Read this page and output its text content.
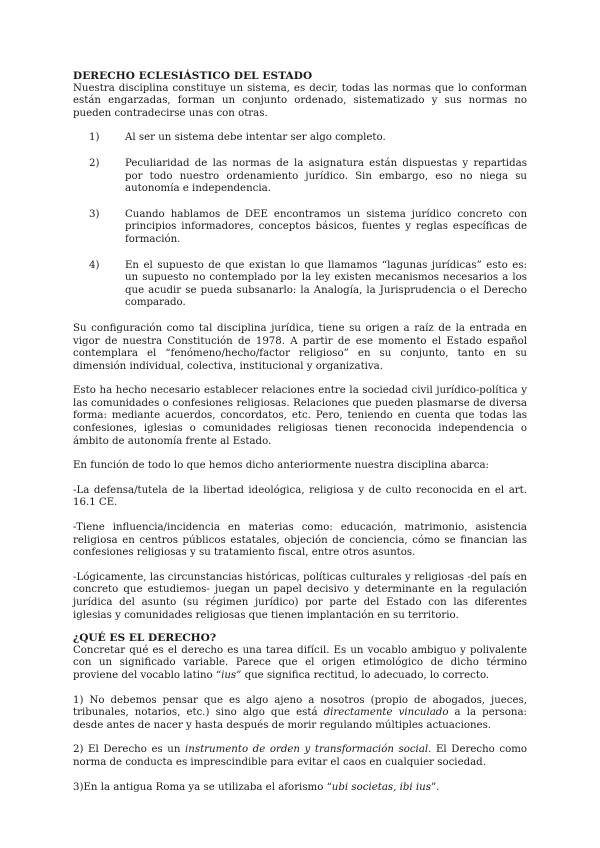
DERECHO ECLESIÁSTICO DEL ESTADO

Nuestra disciplina constituye un sistema, es decir, todas las normas que lo conforman están engarzadas, forman un conjunto ordenado, sistematizado y sus normas no pueden contradecirse unas con otras.

1)	Al ser un sistema debe intentar ser algo completo.
2)	Peculiaridad de las normas de la asignatura están dispuestas y repartidas por todo nuestro ordenamiento jurídico. Sin embargo, eso no niega su autonomía e independencia.
3)	Cuando hablamos de DEE encontramos un sistema jurídico concreto con principios informadores, conceptos básicos, fuentes y reglas específicas de formación.
4)	En el supuesto de que existan lo que llamamos “lagunas jurídicas” esto es: un supuesto no contemplado por la ley existen mecanismos necesarios a los que acudir se pueda subsanarlo: la Analogía, la Jurisprudencia o el Derecho comparado.

Su configuración como tal disciplina jurídica, tiene su origen a raíz de la entrada en vigor de nuestra Constitución de 1978. A partir de ese momento el Estado español contemplara el “fenómeno/hecho/factor religioso” en su conjunto, tanto en su dimensión individual, colectiva, institucional y organizativa.

Esto ha hecho necesario establecer relaciones entre la sociedad civil jurídico-política y las comunidades o confesiones religiosas. Relaciones que pueden plasmarse de diversa forma: mediante acuerdos, concordatos, etc. Pero, teniendo en cuenta que todas las confesiones, iglesias o comunidades religiosas tienen reconocida independencia o ámbito de autonomía frente al Estado.

En función de todo lo que hemos dicho anteriormente nuestra disciplina abarca:

-La defensa/tutela de la libertad ideológica, religiosa y de culto reconocida en el art. 16.1 CE.

-Tiene influencia/incidencia en materias como: educación, matrimonio, asistencia religiosa en centros públicos estatales, objeción de conciencia, cómo se financian las confesiones religiosas y su tratamiento fiscal, entre otros asuntos.

-Lógicamente, las circunstancias históricas, políticas culturales y religiosas -del país en concreto que estudiemos- juegan un papel decisivo y determinante en la regulación jurídica del asunto (su régimen jurídico) por parte del Estado con las diferentes iglesias y comunidades religiosas que tienen implantación en su territorio.

¿QUÉ ES EL DERECHO?

Concretar qué es el derecho es una tarea difícil. Es un vocablo ambiguo y polivalente con un significado variable. Parece que el origen etimológico de dicho término proviene del vocablo latino “ius” que significa rectitud, lo adecuado, lo correcto.

1) No debemos pensar que es algo ajeno a nosotros (propio de abogados, jueces, tribunales, notarios, etc.) sino algo que está directamente vinculado a la persona: desde antes de nacer y hasta después de morir regulando múltiples actuaciones.

2) El Derecho es un instrumento de orden y transformación social. El Derecho como norma de conducta es imprescindible para evitar el caos en cualquier sociedad.

3)En la antigua Roma ya se utilizaba el aforismo “ubi societas, ibi ius”.
